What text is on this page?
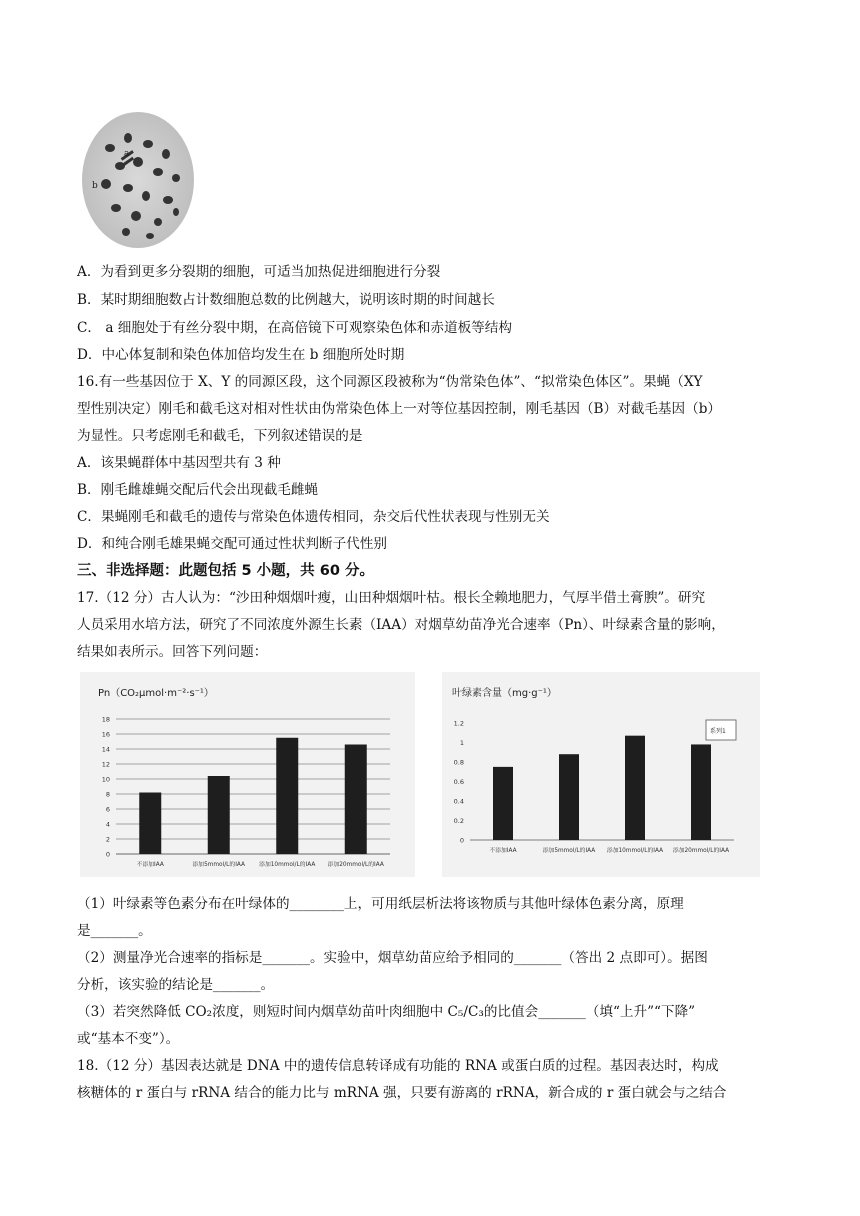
a
b
A．为看到更多分裂期的细胞，可适当加热促进细胞进行分裂
B．某时期细胞数占计数细胞总数的比例越大，说明该时期的时间越长
C． a 细胞处于有丝分裂中期，在高倍镜下可观察染色体和赤道板等结构
D．中心体复制和染色体加倍均发生在 b 细胞所处时期
16.有一些基因位于 X、Y 的同源区段，这个同源区段被称为“伪常染色体”、“拟常染色体区”。果蝇（XY
型性别决定）刚毛和截毛这对相对性状由伪常染色体上一对等位基因控制，刚毛基因（B）对截毛基因（b）
为显性。只考虑刚毛和截毛，下列叙述错误的是
A．该果蝇群体中基因型共有 3 种
B．刚毛雌雄蝇交配后代会出现截毛雌蝇
C．果蝇刚毛和截毛的遗传与常染色体遗传相同，杂交后代性状表现与性别无关
D．和纯合刚毛雄果蝇交配可通过性状判断子代性别
三、非选择题：此题包括 5 小题，共 60 分。
17.（12 分）古人认为：“沙田种烟烟叶瘦，山田种烟烟叶枯。根长全赖地肥力，气厚半借土膏腴”。研究
人员采用水培方法，研究了不同浓度外源生长素（IAA）对烟草幼苗净光合速率（Pn）、叶绿素含量的影响，
结果如表所示。回答下列问题：
Pn（CO₂μmol·m⁻²·s⁻¹）
0
2
4
6
8
10
12
14
16
18
不添加IAA	添加5mmol/L的IAA 添加10mmol/L的IAA 添加20mmol/L的IAA
叶绿素含量（mg·g⁻¹）
0
0.2
0.4
0.6
0.8
1
1.2
不添加IAA	添加5mmol/L的IAA 添加10mmol/L的IAA 添加20mmol/L的IAA
系列1
（1）叶绿素等色素分布在叶绿体的________上，可用纸层析法将该物质与其他叶绿体色素分离，原理
是_______。
（2）测量净光合速率的指标是_______。实验中，烟草幼苗应给予相同的_______（答出 2 点即可）。据图
分析，该实验的结论是_______。
（3）若突然降低 CO₂浓度，则短时间内烟草幼苗叶肉细胞中 C₅/C₃的比值会_______（填“上升”“下降”
或“基本不变”）。
18.（12 分）基因表达就是 DNA 中的遗传信息转译成有功能的 RNA 或蛋白质的过程。基因表达时，构成
核糖体的 r 蛋白与 rRNA 结合的能力比与 mRNA 强，只要有游离的 rRNA，新合成的 r 蛋白就会与之结合
